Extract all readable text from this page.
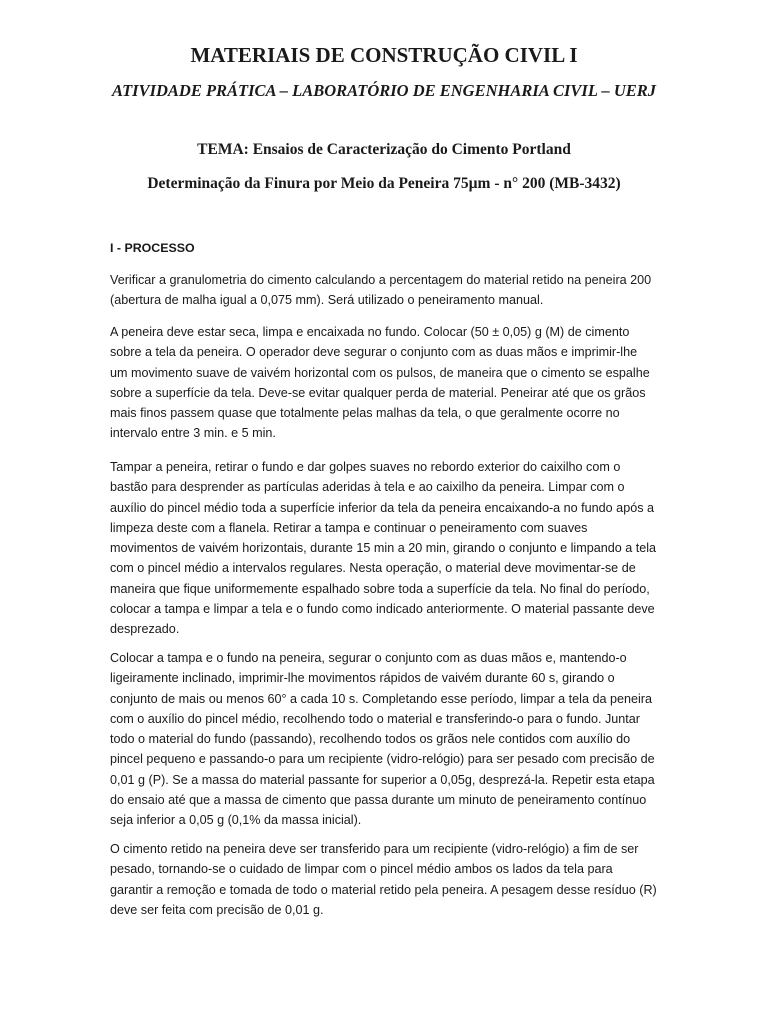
MATERIAIS DE CONSTRUÇÃO CIVIL I
ATIVIDADE PRÁTICA – LABORATÓRIO DE ENGENHARIA CIVIL – UERJ
TEMA: Ensaios de Caracterização do Cimento Portland
Determinação da Finura por Meio da Peneira 75µm - n° 200 (MB-3432)

I - PROCESSO

Verificar a granulometria do cimento calculando a percentagem do material retido na peneira 200 (abertura de malha igual a 0,075 mm). Será utilizado o peneiramento manual.

A peneira deve estar seca, limpa e encaixada no fundo. Colocar (50 ± 0,05) g (M) de cimento sobre a tela da peneira. O operador deve segurar o conjunto com as duas mãos e imprimir-lhe um movimento suave de vaivém horizontal com os pulsos, de maneira que o cimento se espalhe sobre a superfície da tela. Deve-se evitar qualquer perda de material. Peneirar até que os grãos mais finos passem quase que totalmente pelas malhas da tela, o que geralmente ocorre no intervalo entre 3 min. e 5 min.

Tampar a peneira, retirar o fundo e dar golpes suaves no rebordo exterior do caixilho com o bastão para desprender as partículas aderidas à tela e ao caixilho da peneira. Limpar com o auxílio do pincel médio toda a superfície inferior da tela da peneira encaixando-a no fundo após a limpeza deste com a flanela. Retirar a tampa e continuar o peneiramento com suaves movimentos de vaivém horizontais, durante 15 min a 20 min, girando o conjunto e limpando a tela com o pincel médio a intervalos regulares. Nesta operação, o material deve movimentar-se de maneira que fique uniformemente espalhado sobre toda a superfície da tela. No final do período, colocar a tampa e limpar a tela e o fundo como indicado anteriormente. O material passante deve desprezado.

Colocar a tampa e o fundo na peneira, segurar o conjunto com as duas mãos e, mantendo-o ligeiramente inclinado, imprimir-lhe movimentos rápidos de vaivém durante 60 s, girando o conjunto de mais ou menos 60° a cada 10 s. Completando esse período, limpar a tela da peneira com o auxílio do pincel médio, recolhendo todo o material e transferindo-o para o fundo. Juntar todo o material do fundo (passando), recolhendo todos os grãos nele contidos com auxílio do pincel pequeno e passando-o para um recipiente (vidro-relógio) para ser pesado com precisão de 0,01 g (P). Se a massa do material passante for superior a 0,05g, desprezá-la. Repetir esta etapa do ensaio até que a massa de cimento que passa durante um minuto de peneiramento contínuo seja inferior a 0,05 g (0,1% da massa inicial).

O cimento retido na peneira deve ser transferido para um recipiente (vidro-relógio) a fim de ser pesado, tornando-se o cuidado de limpar com o pincel médio ambos os lados da tela para garantir a remoção e tomada de todo o material retido pela peneira. A pesagem desse resíduo (R) deve ser feita com precisão de 0,01 g.
